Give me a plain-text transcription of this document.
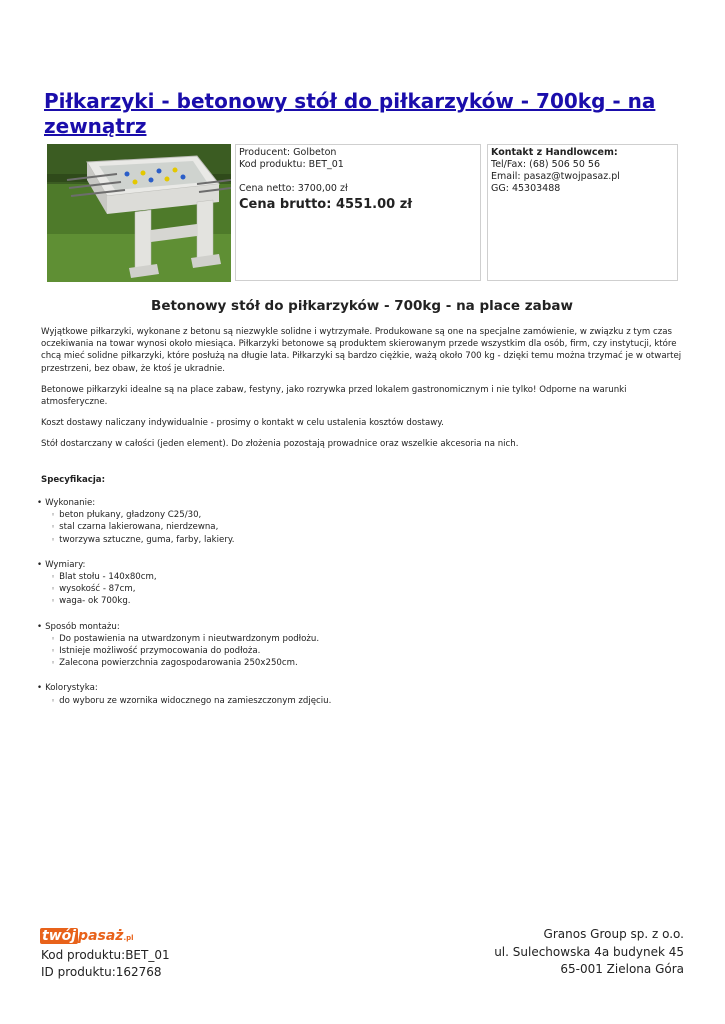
Piłkarzyki - betonowy stół do piłkarzyków - 700kg - na zewnątrz
Producent: Golbeton
Kod produktu: BET_01
Cena netto: 3700,00 zł
Cena brutto: 4551.00 zł
Kontakt z Handlowcem:
Tel/Fax: (68) 506 50 56
Email: pasaz@twojpasaz.pl
GG: 45303488
Betonowy stół do piłkarzyków - 700kg - na place zabaw

Wyjątkowe piłkarzyki, wykonane z betonu są niezwykle solidne i wytrzymałe. Produkowane są one na specjalne zamówienie, w związku z tym czas oczekiwania na towar wynosi około miesiąca. Piłkarzyki betonowe są produktem skierowanym przede wszystkim dla osób, firm, czy instytucji, które chcą mieć solidne piłkarzyki, które posłużą na długie lata. Piłkarzyki są bardzo ciężkie, ważą około 700 kg - dzięki temu można trzymać je w otwartej przestrzeni, bez obaw, że ktoś je ukradnie.

Betonowe piłkarzyki idealne są na place zabaw, festyny, jako rozrywka przed lokalem gastronomicznym i nie tylko! Odporne na warunki atmosferyczne.

Koszt dostawy naliczany indywidualnie - prosimy o kontakt w celu ustalenia kosztów dostawy.

Stół dostarczany w całości (jeden element). Do złożenia pozostają prowadnice oraz wszelkie akcesoria na nich.

Specyfikacja:
• Wykonanie:
◦ beton płukany, gładzony C25/30,
◦ stal czarna lakierowana, nierdzewna,
◦ tworzywa sztuczne, guma, farby, lakiery.
• Wymiary:
◦ Blat stołu - 140x80cm,
◦ wysokość - 87cm,
◦ waga- ok 700kg.
• Sposób montażu:
◦ Do postawienia na utwardzonym i nieutwardzonym podłożu.
◦ Istnieje możliwość przymocowania do podłoża.
◦ Zalecona powierzchnia zagospodarowania 250x250cm.
• Kolorystyka:
◦ do wyboru ze wzornika widocznego na zamieszczonym zdjęciu.
twój pasaż.pl
Kod produktu:BET_01
ID produktu:162768
Granos Group sp. z o.o.
ul. Sulechowska 4a budynek 45
65-001 Zielona Góra
